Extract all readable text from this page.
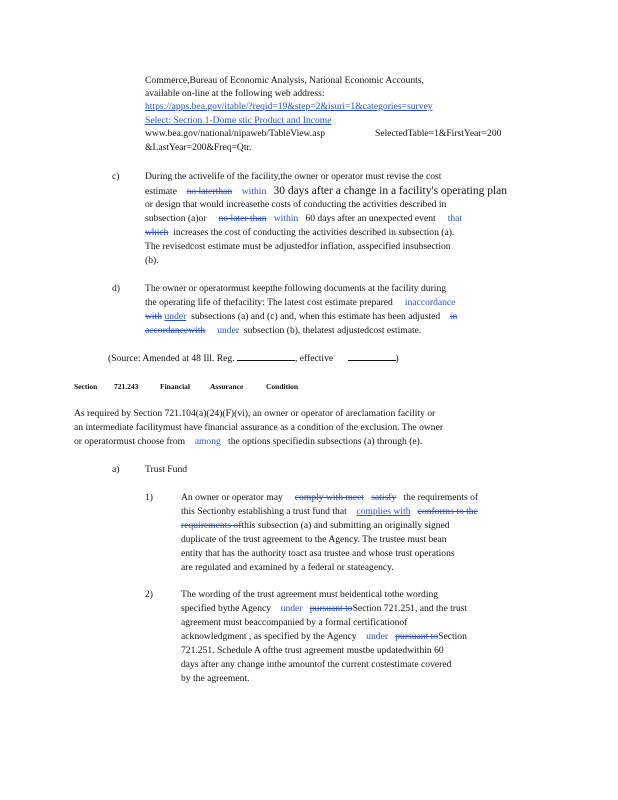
Commerce,Bureau of Economic Analysis, National Economic Accounts,
available on-line at the following web address:
https://apps.bea.gov/itable/?reqid=19&step=2&isuri=1&categories=survey
Select: Section 1-Dome stic Product and Income
www.bea.gov/national/nipaweb/TableView.asp	SelectedTable=1&FirstYear=200
&LastYear=200&Freq=Qtr.
c)	During the activelife of the facility,the owner or operator must revise the cost
estimate no laterthan within 30 days after a change in a facility's operating plan
or design that would increasethe costs of conducting the activities described in
subsection (a)or no later than within 60 days after an unexpected event that
which increases the cost of conducting the activities described in subsection (a).
The revisedcost estimate must be adjustedfor inflation, asspecified insubsection
(b).
d)	The owner or operatormust keepthe following documents at the facility during
the operating life of thefacility: The latest cost estimate prepared inaccordance
with under subsections (a) and (c) and, when this estimate has been adjusted in
accordancewith under subsection (b), thelatest adjustedcost estimate.
(Source: Amended at 48 Ill. Reg.	, effective	)
Section 721.243	Financial	Assurance	Condition
As required by Section 721.104(a)(24)(F)(vi), an owner or operator of areclamation facility or
an intermediate facilitymust have financial assurance as a condition of the exclusion. The owner
or operatormust choose from among the options specifiedin subsections (a) through (e).
a)	Trust Fund
1)	An owner or operator may comply with meet satisfy the requirements of
this Sectionby establishing a trust fund that complies with conforms to the
requirements ofthis subsection (a) and submitting an originally signed
duplicate of the trust agreement to the Agency. The trustee must bean
entity that has the authority toact asa trustee and whose trust operations
are regulated and examined by a federal or stateagency.
2)	The wording of the trust agreement must beidentical tothe wording
specified bythe Agency under pursuant toSection 721.251, and the trust
agreement must beaccompanied by a formal certificationof
acknowledgment , as specified by the Agency under pursuant toSection
721.251. Schedule A ofthe trust agreement mustbe updatedwithin 60
days after any change inthe amountof the current costestimate covered
by the agreement.
